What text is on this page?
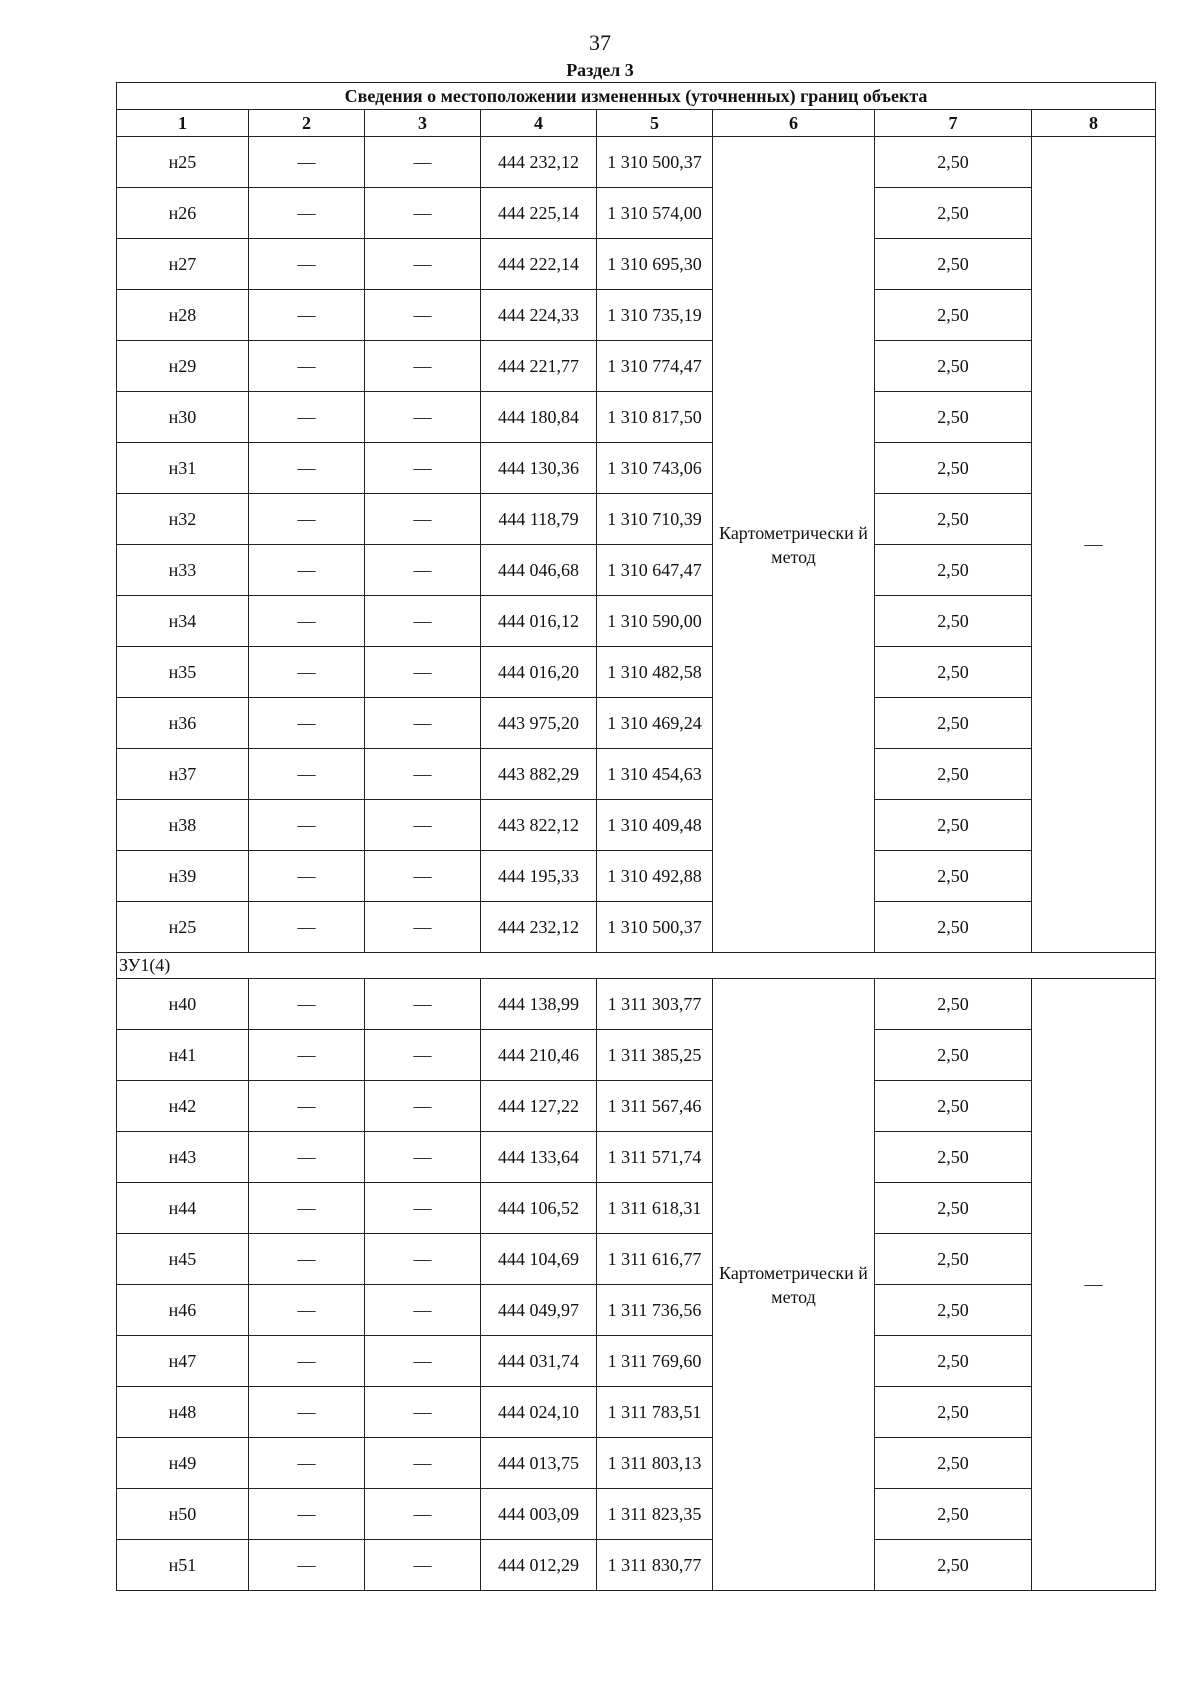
37
Раздел 3
Сведения о местоположении измененных (уточненных) границ объекта							
1	2	3	4	5	6	7	8
н25	—	—	444 232,12	1 310 500,37	Картометрически й метод	2,50	—
н26	—	—	444 225,14	1 310 574,00		2,50	
н27	—	—	444 222,14	1 310 695,30		2,50	
н28	—	—	444 224,33	1 310 735,19		2,50	
н29	—	—	444 221,77	1 310 774,47		2,50	
н30	—	—	444 180,84	1 310 817,50		2,50	
н31	—	—	444 130,36	1 310 743,06		2,50	
н32	—	—	444 118,79	1 310 710,39		2,50	
н33	—	—	444 046,68	1 310 647,47		2,50	
н34	—	—	444 016,12	1 310 590,00		2,50	
н35	—	—	444 016,20	1 310 482,58		2,50	
н36	—	—	443 975,20	1 310 469,24		2,50	
н37	—	—	443 882,29	1 310 454,63		2,50	
н38	—	—	443 822,12	1 310 409,48		2,50	
н39	—	—	444 195,33	1 310 492,88		2,50	
н25	—	—	444 232,12	1 310 500,37		2,50	
ЗУ1(4)							
н40	—	—	444 138,99	1 311 303,77	Картометрически й метод	2,50	—
н41	—	—	444 210,46	1 311 385,25		2,50	
н42	—	—	444 127,22	1 311 567,46		2,50	
н43	—	—	444 133,64	1 311 571,74		2,50	
н44	—	—	444 106,52	1 311 618,31		2,50	
н45	—	—	444 104,69	1 311 616,77		2,50	
н46	—	—	444 049,97	1 311 736,56		2,50	
н47	—	—	444 031,74	1 311 769,60		2,50	
н48	—	—	444 024,10	1 311 783,51		2,50	
н49	—	—	444 013,75	1 311 803,13		2,50	
н50	—	—	444 003,09	1 311 823,35		2,50	
н51	—	—	444 012,29	1 311 830,77		2,50	
